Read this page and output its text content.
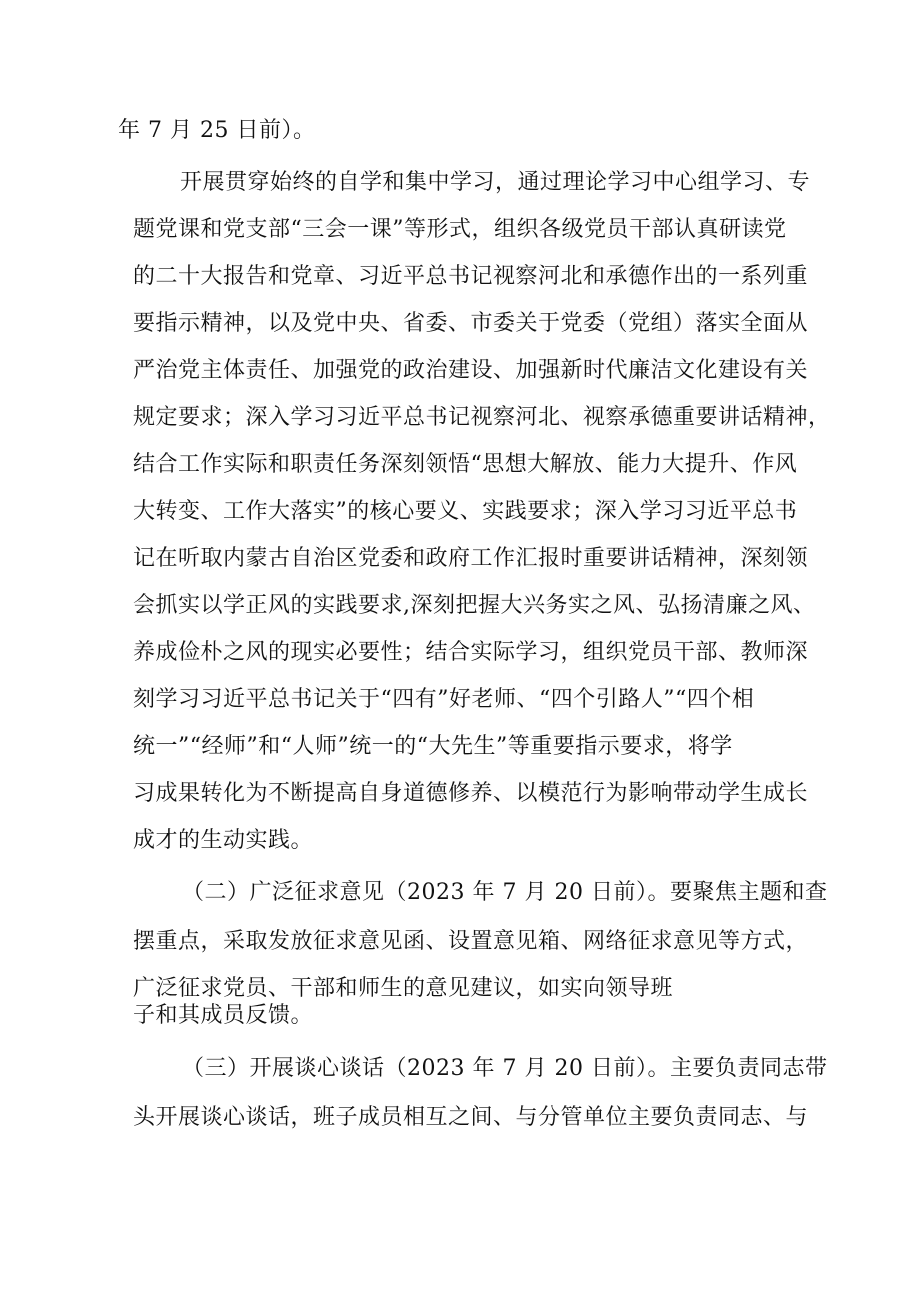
年 7 月 25 日前）。
开展贯穿始终的自学和集中学习，通过理论学习中心组学习、专
题党课和党支部“三会一课”等形式，组织各级党员干部认真研读党
的二十大报告和党章、习近平总书记视察河北和承德作出的一系列重
要指示精神，以及党中央、省委、市委关于党委（党组）落实全面从
严治党主体责任、加强党的政治建设、加强新时代廉洁文化建设有关
规定要求；深入学习习近平总书记视察河北、视察承德重要讲话精神，
结合工作实际和职责任务深刻领悟“思想大解放、能力大提升、作风
大转变、工作大落实”的核心要义、实践要求；深入学习习近平总书
记在听取内蒙古自治区党委和政府工作汇报时重要讲话精神，深刻领
会抓实以学正风的实践要求,深刻把握大兴务实之风、弘扬清廉之风、
养成俭朴之风的现实必要性；结合实际学习，组织党员干部、教师深
刻学习习近平总书记关于“四有”好老师、“四个引路人”“四个相
统一”“经师”和“人师”统一的“大先生”等重要指示要求，将学
习成果转化为不断提高自身道德修养、以模范行为影响带动学生成长
成才的生动实践。
（二）广泛征求意见（2023 年 7 月 20 日前）。要聚焦主题和查
摆重点，采取发放征求意见函、设置意见箱、网络征求意见等方式，
广泛征求党员、干部和师生的意见建议，如实向领导班
子和其成员反馈。
（三）开展谈心谈话（2023 年 7 月 20 日前）。主要负责同志带
头开展谈心谈话，班子成员相互之间、与分管单位主要负责同志、与
